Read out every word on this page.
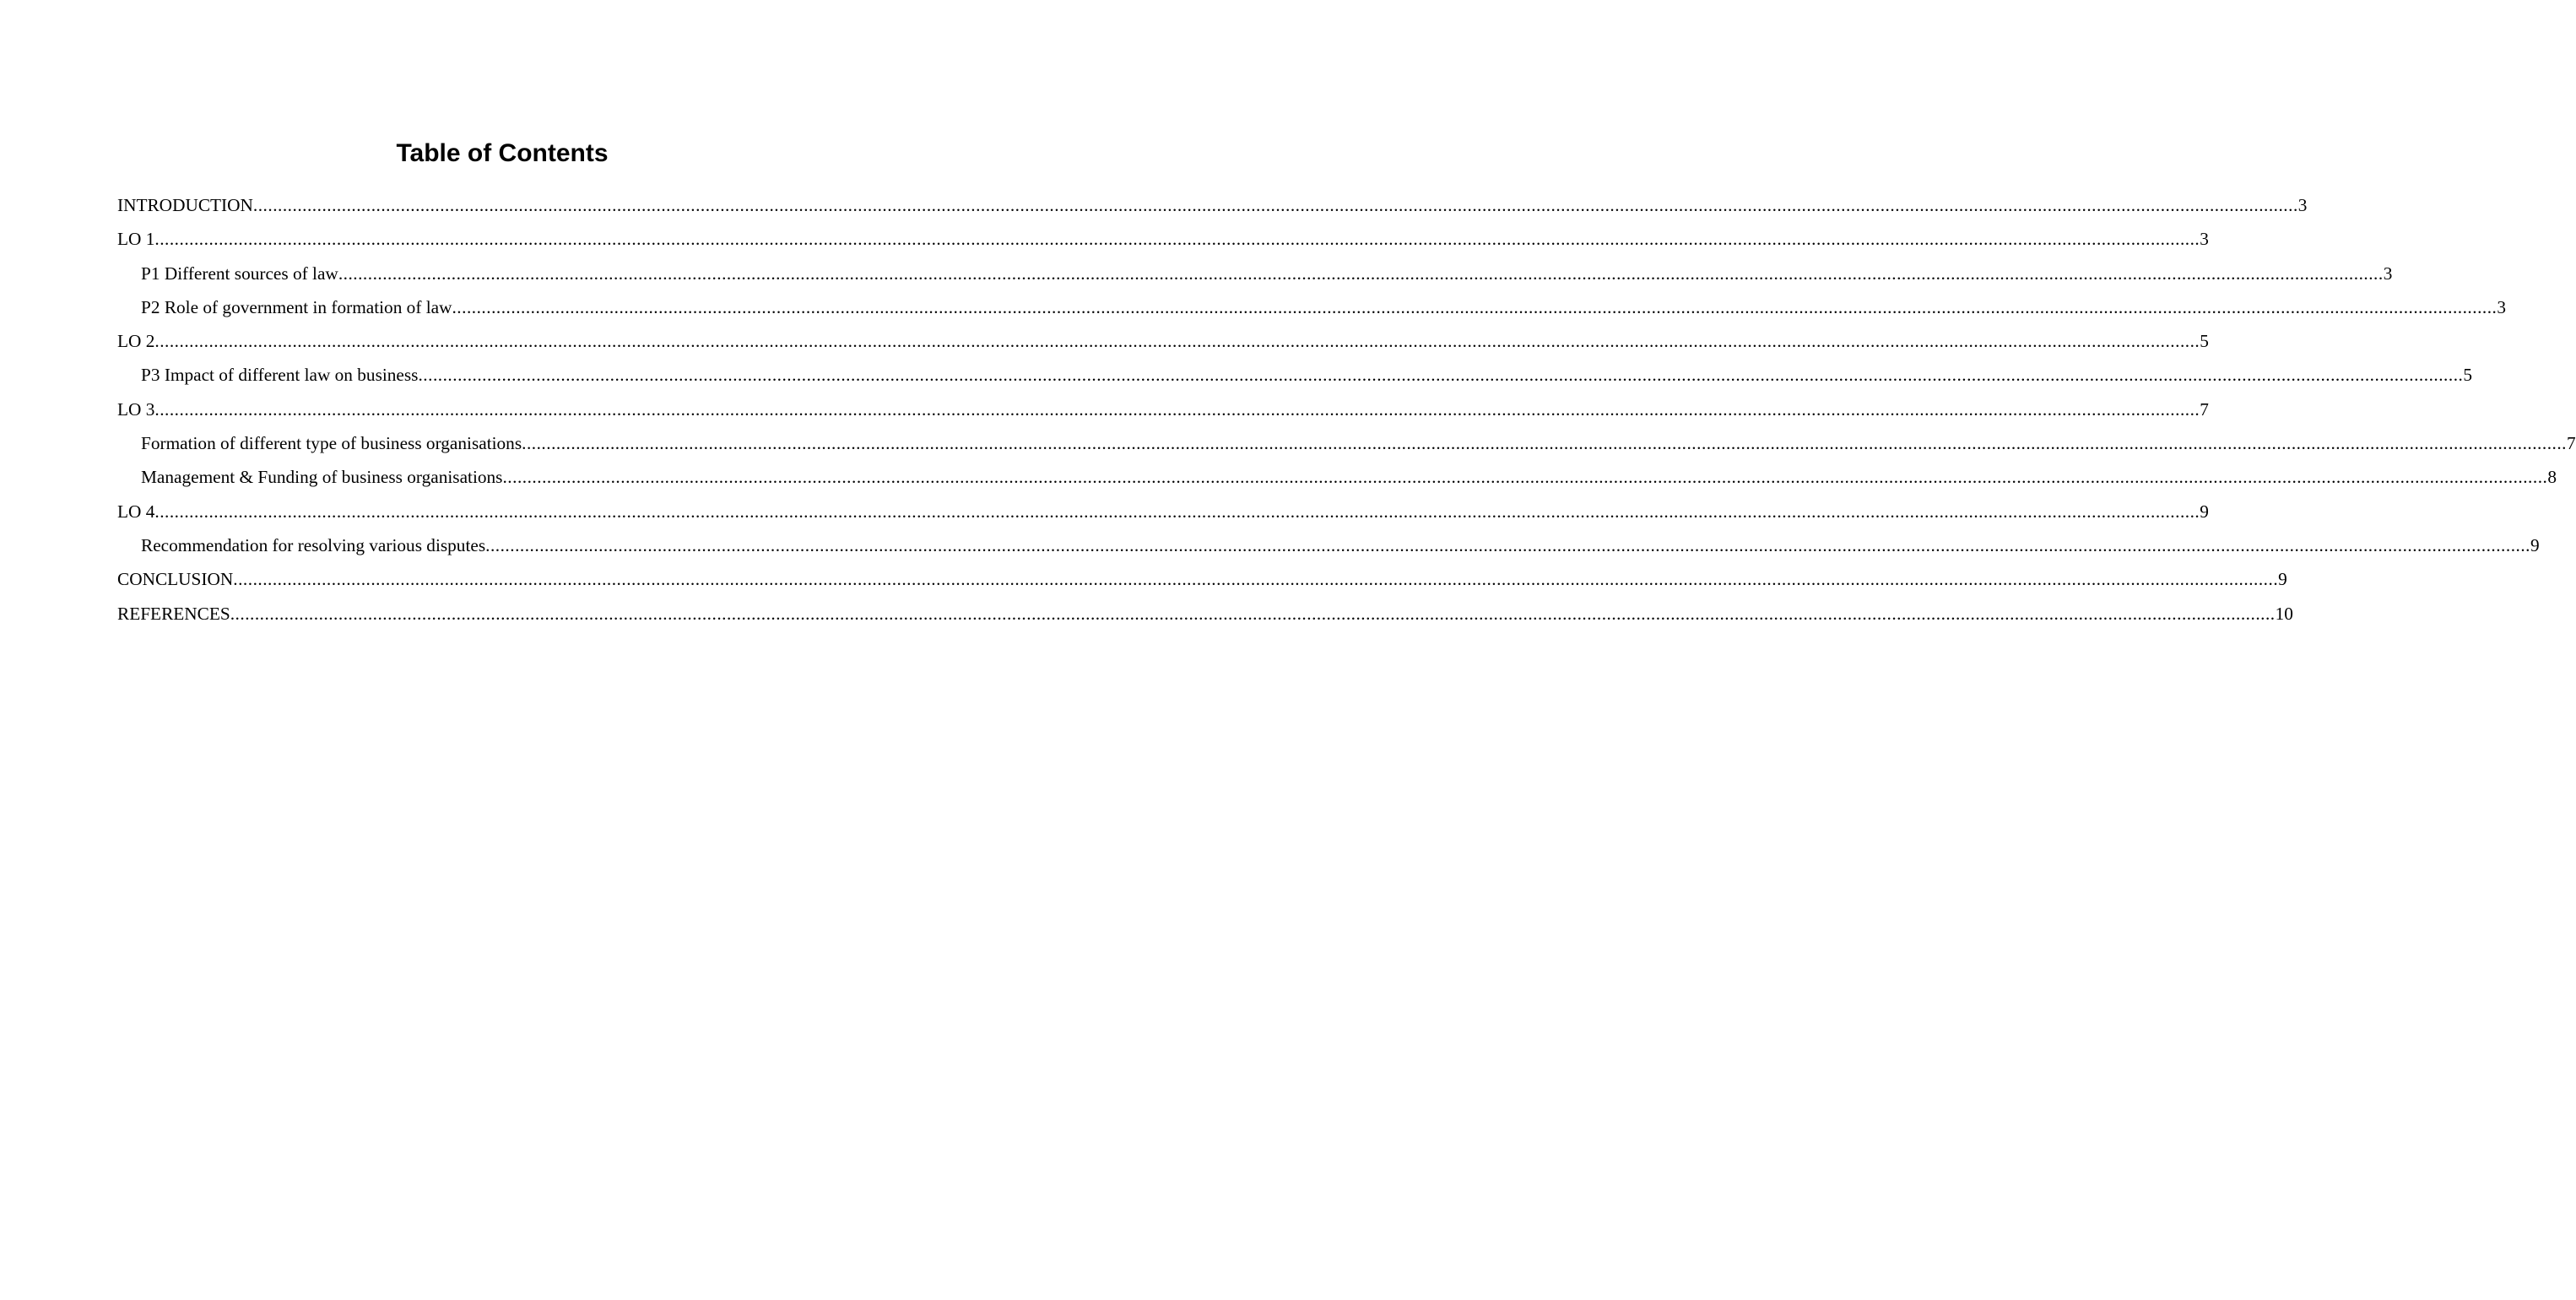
Table of Contents
INTRODUCTION ................................................................................................................................................................................................................................................................................................................................................................................................................................ 3
LO 1 ................................................................................................................................................................................................................................................................................................................................................................................................................................ 3
P1 Different sources of law ................................................................................................................................................................................................................................................................................................................................................................................................................................ 3
P2 Role of government in formation of law ................................................................................................................................................................................................................................................................................................................................................................................................................................ 3
LO 2 ................................................................................................................................................................................................................................................................................................................................................................................................................................ 5
P3 Impact of different law on business ................................................................................................................................................................................................................................................................................................................................................................................................................................ 5
LO 3 ................................................................................................................................................................................................................................................................................................................................................................................................................................ 7
Formation of different type of business organisations ................................................................................................................................................................................................................................................................................................................................................................................................................................ 7
Management & Funding of business organisations ................................................................................................................................................................................................................................................................................................................................................................................................................................ 8
LO 4 ................................................................................................................................................................................................................................................................................................................................................................................................................................ 9
Recommendation for resolving various disputes ................................................................................................................................................................................................................................................................................................................................................................................................................................ 9
CONCLUSION ................................................................................................................................................................................................................................................................................................................................................................................................................................ 9
REFERENCES ................................................................................................................................................................................................................................................................................................................................................................................................................................ 10
